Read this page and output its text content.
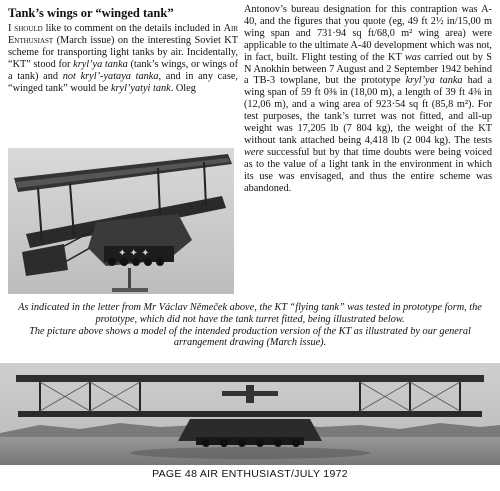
Tank’s wings or “winged tank”

I should like to comment on the details included in Air Enthusiast (March issue) on the interesting Soviet KT scheme for transporting light tanks by air. Incidentally, “KT” stood for kryl’ya tanka (tank’s wings, or wings of a tank) and not kryl’-yataya tanka, and in any case, “winged tank” would be kryl’yatyi tank. Oleg

Antonov’s bureau designation for this contraption was A-40, and the figures that you quote (eg, 49 ft 2½ in/15,00 m wing span and 731·94 sq ft/68,0 m² wing area) were applicable to the ultimate A-40 development which was not, in fact, built. Flight testing of the KT was carried out by S N Anokhin between 7 August and 2 September 1942 behind a TB-3 towplane, but the prototype kryl’ya tanka had a wing span of 59 ft 0⅜ in (18,00 m), a length of 39 ft 4⅜ in (12,06 m), and a wing area of 923·54 sq ft (85,8 m²). For test purposes, the tank’s turret was not fitted, and all-up weight was 17,205 lb (7 804 kg), the weight of the KT without tank attached being 4,418 lb (2 004 kg). The tests were successful but by that time doubts were being voiced as to the value of a light tank in the environment in which its use was envisaged, and thus the entire scheme was abandoned.

✦ ✦ ✦

As indicated in the letter from Mr Václav Němeček above, the KT “flying tank” was tested in prototype form, the prototype, which did not have the tank turret fitted, being illustrated below.

The picture above shows a model of the intended production version of the KT as illustrated by our general arrangement drawing (March issue).

PAGE 48 AIR ENTHUSIAST/JULY 1972
